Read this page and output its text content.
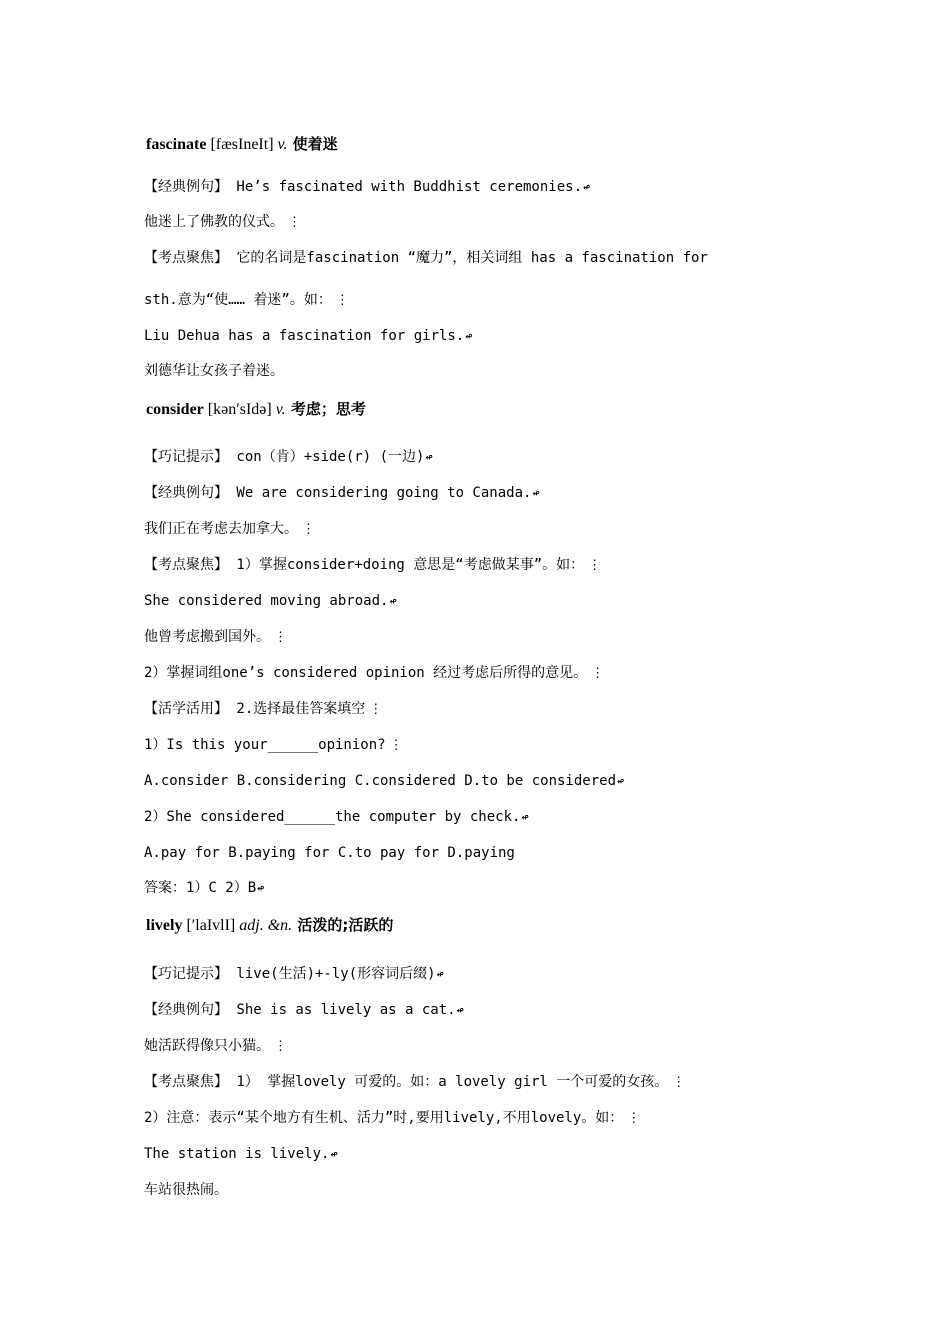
fascinate [fæsIneIt] v. 使着迷
【经典例句】 He’s fascinated with Buddhist ceremonies.↫
他迷上了佛教的仪式。 ⋮
【考点聚焦】 它的名词是fascination “魔力”，相关词组 has a fascination for
sth.意为“使…… 着迷”。如： ⋮
Liu Dehua has a fascination for girls.↫
刘德华让女孩子着迷。
consider [kən′sIdə] v. 考虑；思考
【巧记提示】 con（肯）+side(r) (一边)↫
【经典例句】 We are considering going to Canada.↫
我们正在考虑去加拿大。 ⋮
【考点聚焦】 1）掌握consider+doing 意思是“考虑做某事”。如： ⋮
She considered moving abroad.↫
他曾考虑搬到国外。 ⋮
2）掌握词组one’s considered opinion 经过考虑后所得的意见。 ⋮
【活学活用】 2.选择最佳答案填空 ⋮
1）Is this your______opinion? ⋮
A.consider B.considering C.considered D.to be considered↫
2）She considered______the computer by check.↫
A.pay for B.paying for C.to pay for D.paying
答案：1）C 2）B↫
lively [′laIvlI] adj. &n. 活泼的;活跃的
【巧记提示】 live(生活)+-ly(形容词后缀)↫
【经典例句】 She is as lively as a cat.↫
她活跃得像只小猫。 ⋮
【考点聚焦】 1） 掌握lovely 可爱的。如：a lovely girl 一个可爱的女孩。 ⋮
2）注意：表示“某个地方有生机、活力”时,要用lively,不用lovely。如： ⋮
The station is lively.↫
车站很热闹。
